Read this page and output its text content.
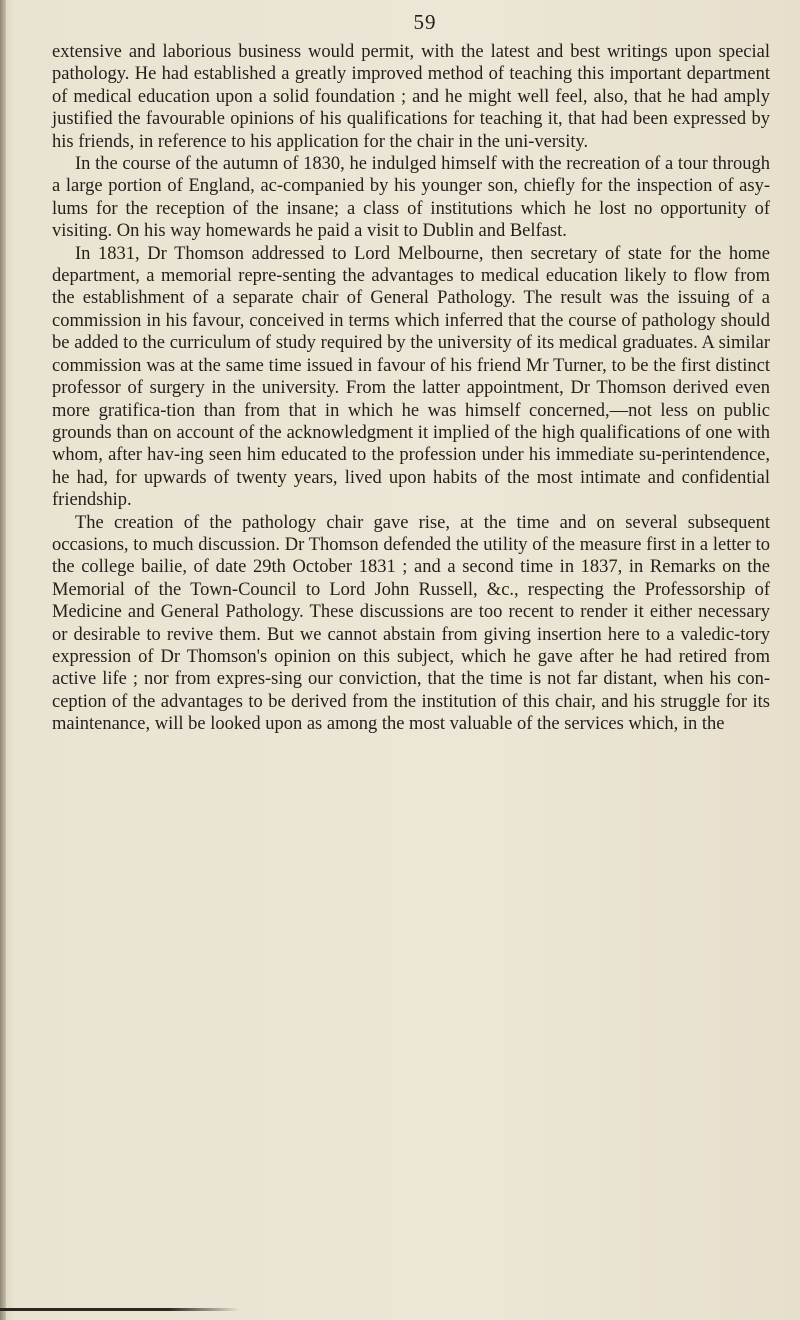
59

extensive and laborious business would permit, with the latest and best writings upon special pathology. He had established a greatly improved method of teaching this important department of medical education upon a solid foundation ; and he might well feel, also, that he had amply justified the favourable opinions of his qualifications for teaching it, that had been expressed by his friends, in reference to his application for the chair in the uni-versity.

In the course of the autumn of 1830, he indulged himself with the recreation of a tour through a large portion of England, ac-companied by his younger son, chiefly for the inspection of asy-lums for the reception of the insane; a class of institutions which he lost no opportunity of visiting. On his way homewards he paid a visit to Dublin and Belfast.

In 1831, Dr Thomson addressed to Lord Melbourne, then secretary of state for the home department, a memorial repre-senting the advantages to medical education likely to flow from the establishment of a separate chair of General Pathology. The result was the issuing of a commission in his favour, conceived in terms which inferred that the course of pathology should be added to the curriculum of study required by the university of its medical graduates. A similar commission was at the same time issued in favour of his friend Mr Turner, to be the first distinct professor of surgery in the university. From the latter appointment, Dr Thomson derived even more gratifica-tion than from that in which he was himself concerned,—not less on public grounds than on account of the acknowledgment it implied of the high qualifications of one with whom, after hav-ing seen him educated to the profession under his immediate su-perintendence, he had, for upwards of twenty years, lived upon habits of the most intimate and confidential friendship.

The creation of the pathology chair gave rise, at the time and on several subsequent occasions, to much discussion. Dr Thomson defended the utility of the measure first in a letter to the college bailie, of date 29th October 1831 ; and a second time in 1837, in Remarks on the Memorial of the Town-Council to Lord John Russell, &c., respecting the Professorship of Medicine and General Pathology. These discussions are too recent to render it either necessary or desirable to revive them. But we cannot abstain from giving insertion here to a valedic-tory expression of Dr Thomson's opinion on this subject, which he gave after he had retired from active life ; nor from expres-sing our conviction, that the time is not far distant, when his con-ception of the advantages to be derived from the institution of this chair, and his struggle for its maintenance, will be looked upon as among the most valuable of the services which, in the
